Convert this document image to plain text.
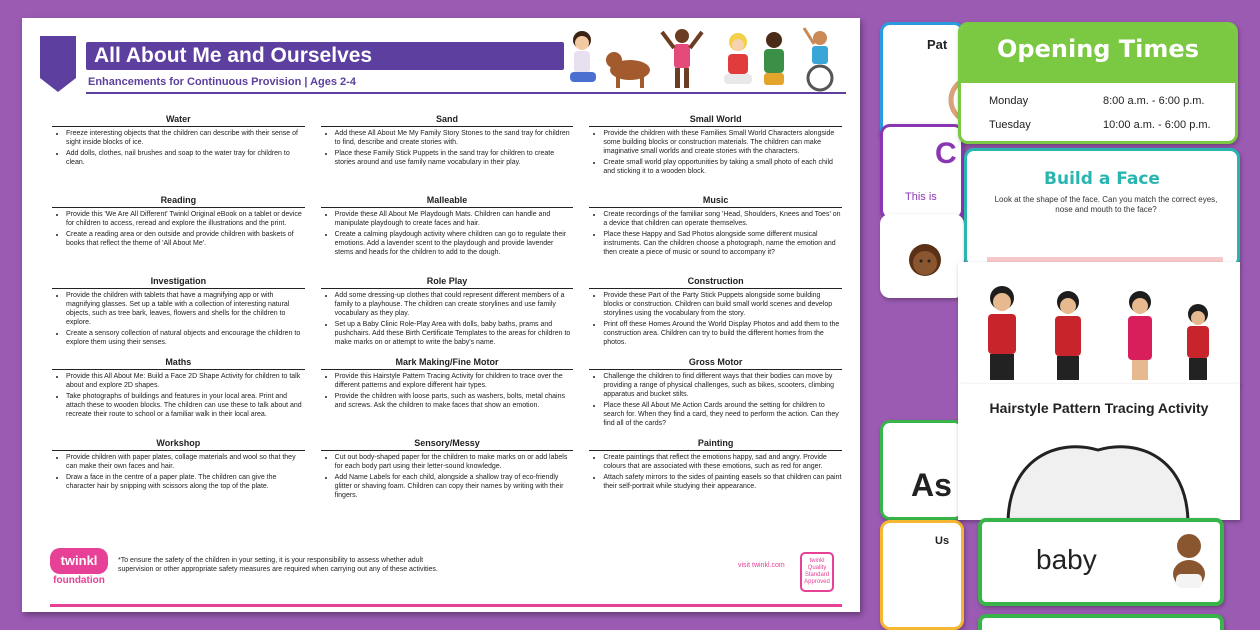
All About Me and Ourselves
Enhancements for Continuous Provision | Ages 2-4
Water
• Freeze interesting objects that the children can describe with their sense of sight inside blocks of ice.
• Add dolls, clothes, nail brushes and soap to the water tray for children to clean.
Sand
• Add these All About Me My Family Story Stones to the sand tray for children to find, describe and create stories with.
• Place these Family Stick Puppets in the sand tray for children to create stories around and use family name vocabulary in their play.
Small World
• Provide the children with these Families Small World Characters alongside some building blocks or construction materials. The children can make imaginative small worlds and create stories with the characters.
• Create small world play opportunities by taking a small photo of each child and sticking it to a wooden block.
Reading
• Provide this 'We Are All Different' Twinkl Original eBook on a tablet or device for children to access, reread and explore the illustrations and the print.
• Create a reading area or den outside and provide children with baskets of books that reflect the theme of 'All About Me'.
Malleable
• Provide these All About Me Playdough Mats. Children can handle and manipulate playdough to create faces and hair.
• Create a calming playdough activity where children can go to regulate their emotions. Add a lavender scent to the playdough and provide lavender stems and heads for the children to add to the dough.
Music
• Create recordings of the familiar song 'Head, Shoulders, Knees and Toes' on a device that children can operate themselves.
• Place these Happy and Sad Photos alongside some different musical instruments. Can the children choose a photograph, name the emotion and then create a piece of music or sound to accompany it?
Investigation
• Provide the children with tablets that have a magnifying app or with magnifying glasses. Set up a table with a collection of interesting natural objects, such as tree bark, leaves, flowers and shells for the children to explore.
• Create a sensory collection of natural objects and encourage the children to explore them using their senses.
Role Play
• Add some dressing-up clothes that could represent different members of a family to a playhouse. The children can create storylines and use family vocabulary as they play.
• Set up a Baby Clinic Role-Play Area with dolls, baby baths, prams and pushchairs. Add these Birth Certificate Templates to the areas for children to make marks on or attempt to write the baby's name.
Construction
• Provide these Part of the Party Stick Puppets alongside some building blocks or construction. Children can build small world scenes and develop storylines using the vocabulary from the story.
• Print off these Homes Around the World Display Photos and add them to the construction area. Children can try to build the different homes from the photos.
Maths
• Provide this All About Me: Build a Face 2D Shape Activity for children to talk about and explore 2D shapes.
• Take photographs of buildings and features in your local area. Print and attach these to wooden blocks. The children can use these to talk about and recreate their route to school or a familiar walk in their local area.
Mark Making/Fine Motor
• Provide this Hairstyle Pattern Tracing Activity for children to trace over the different patterns and explore different hair types.
• Provide the children with loose parts, such as washers, bolts, metal chains and screws. Ask the children to make faces that show an emotion.
Gross Motor
• Challenge the children to find different ways that their bodies can move by providing a range of physical challenges, such as bikes, scooters, climbing apparatus and bucket stilts.
• Place these All About Me Action Cards around the setting for children to search for. When they find a card, they need to perform the action. Can they find all of the cards?
Workshop
• Provide children with paper plates, collage materials and wool so that they can make their own faces and hair.
• Draw a face in the centre of a paper plate. The children can give the character hair by snipping with scissors along the top of the plate.
Sensory/Messy
• Cut out body-shaped paper for the children to make marks on or add labels for each body part using their letter-sound knowledge.
• Add Name Labels for each child, alongside a shallow tray of eco-friendly glitter or shaving foam. Children can copy their names by writing with their fingers.
Painting
• Create paintings that reflect the emotions happy, sad and angry. Provide colours that are associated with these emotions, such as red for anger.
• Attach safety mirrors to the sides of painting easels so that children can paint their self-portrait while studying their appearance.
twinkl
foundation
*To ensure the safety of the children in your setting, it is your responsibility to assess whether adult supervision or other appropriate safety measures are required when carrying out any of these activities.
visit twinkl.com
twinkl Quality Standard Approved
Pat
C
This is
As
Us
Opening Times
Monday	8:00 a.m. - 6:00 p.m.
Tuesday	10:00 a.m. - 6:00 p.m.
Build a Face
Look at the shape of the face. Can you match the correct eyes, nose and mouth to the face?
Hairstyle Pattern Tracing Activity
baby
